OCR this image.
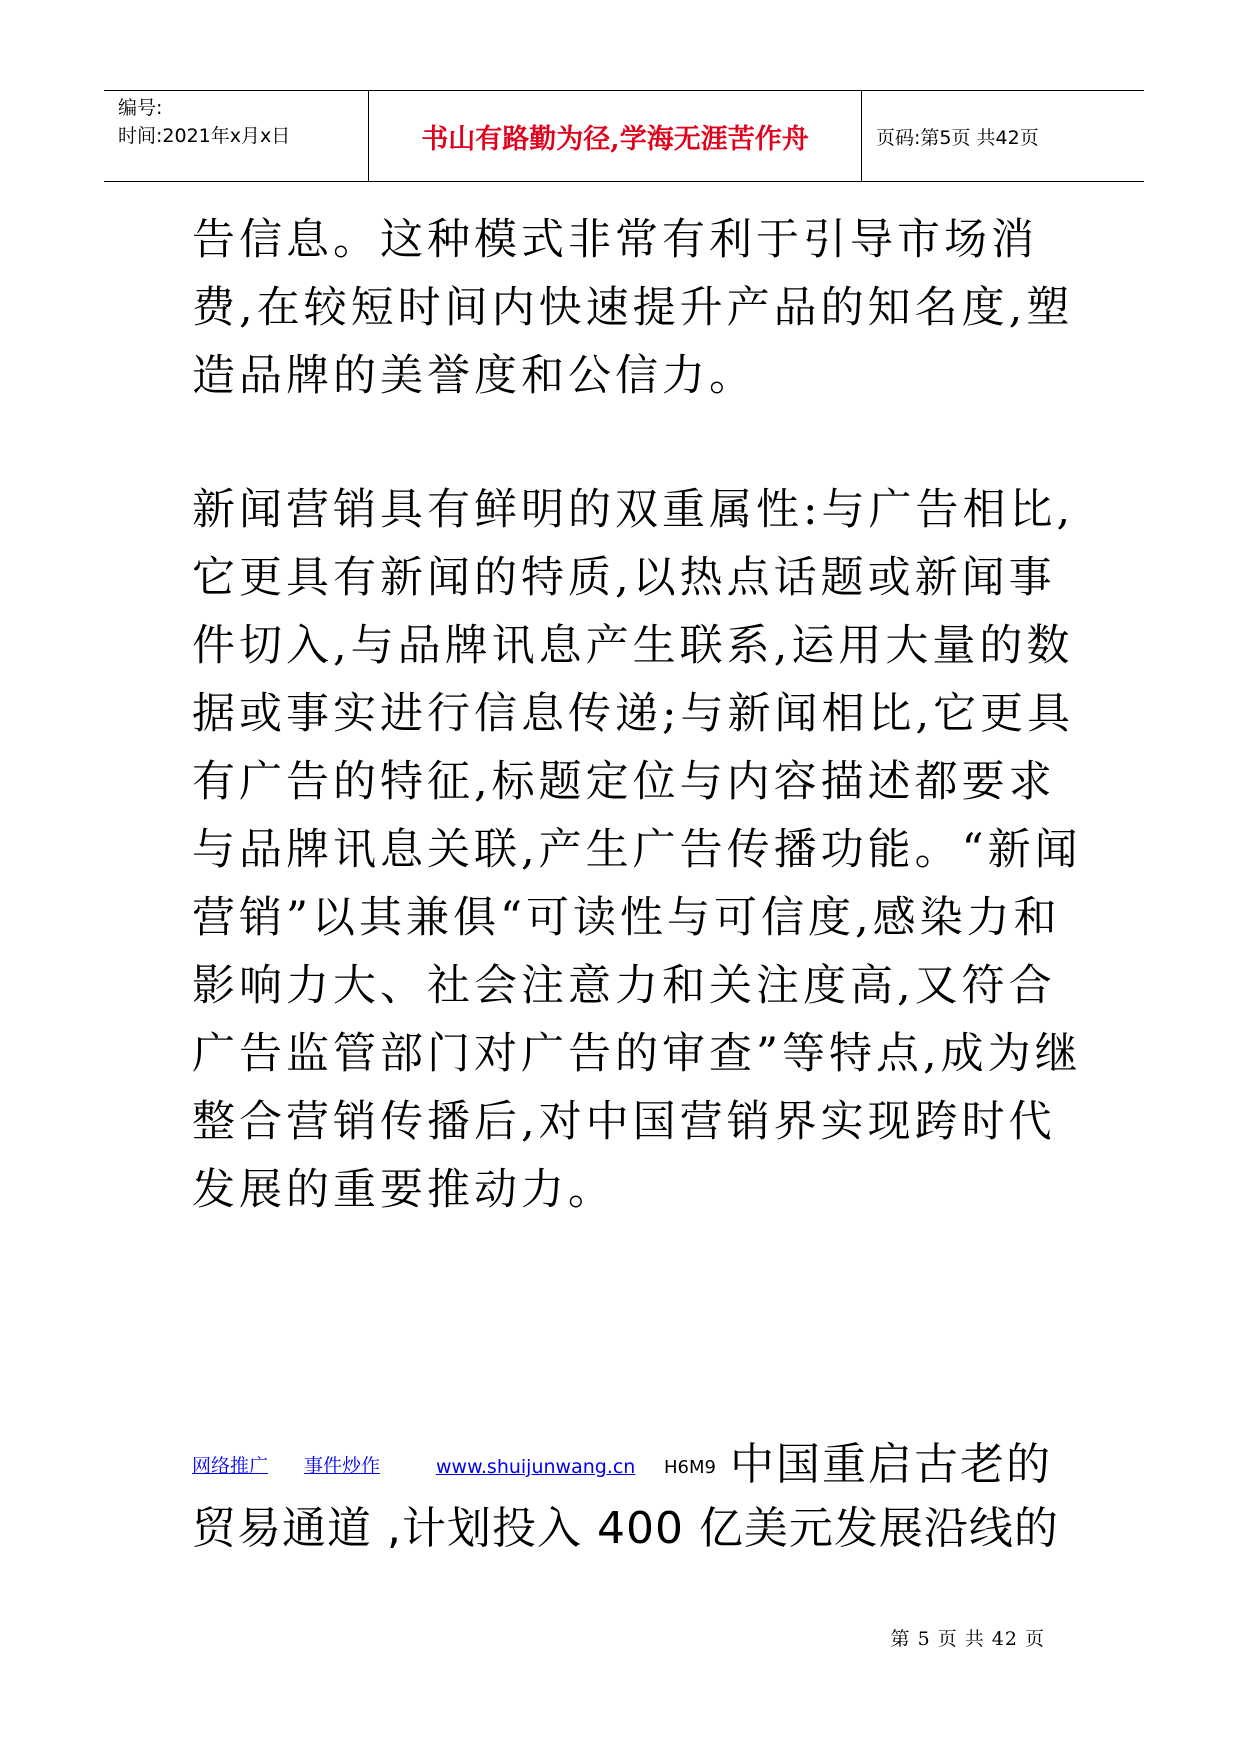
编号:
时间:2021年x月x日	书山有路勤为径,学海无涯苦作舟	页码:第5页 共42页

告信息。这种模式非常有利于引导市场消费,在较短时间内快速提升产品的知名度,塑造品牌的美誉度和公信力。

新闻营销具有鲜明的双重属性:与广告相比,它更具有新闻的特质,以热点话题或新闻事件切入,与品牌讯息产生联系,运用大量的数据或事实进行信息传递;与新闻相比,它更具有广告的特征,标题定位与内容描述都要求与品牌讯息关联,产生广告传播功能。“新闻营销”以其兼俱“可读性与可信度,感染力和影响力大、社会注意力和关注度高,又符合广告监管部门对广告的审查”等特点,成为继整合营销传播后,对中国营销界实现跨时代发展的重要推动力。

网络推广 事件炒作	www.shuijunwang.cn H6M9 中国重启古老的
贸易通道 ,计划投入 400 亿美元发展沿线的
第 5 页 共 42 页
